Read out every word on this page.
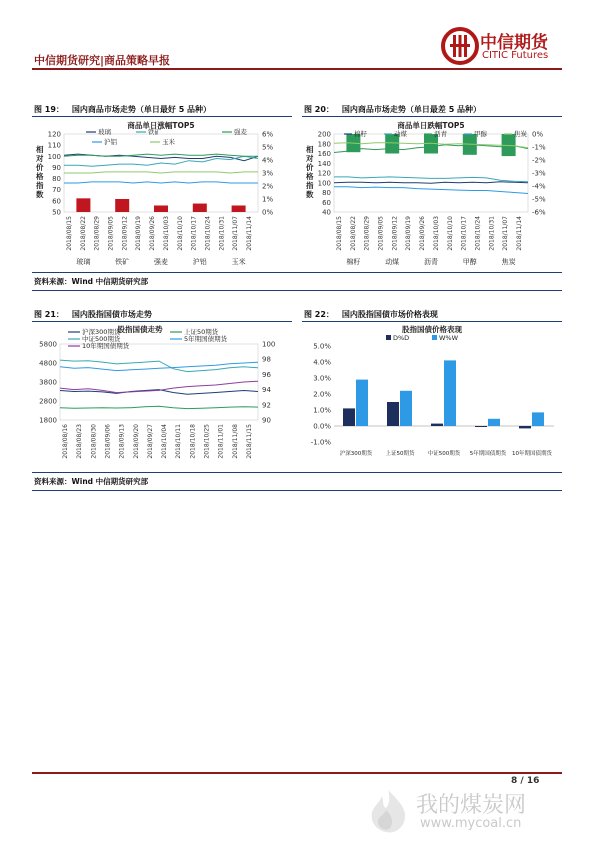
中信期货研究|商品策略早报
中信期货
CITIC Futures
图 19： 国内商品市场走势（单日最好 5 品种）
商品单日涨幅TOP5
50
60
70
80
90
100
110
120
0%
1%
2%
3%
4%
5%
6%
相
对
价
格
指
数
玻璃	铁矿	强麦	沪铝	玉米
玻璃	铁矿	强麦
沪铝	玉米
2018/08/15 2018/08/22 2018/08/29 2018/09/05 2018/09/12 2018/09/19 2018/09/26 2018/10/03 2018/10/10 2018/10/17 2018/10/24 2018/10/31 2018/11/07 2018/11/14
图 20： 国内商品市场走势（单日最差 5 品种）
商品单日跌幅TOP5
40
60
80
100
120
140
160
180
200	0%
-1%
-2%
-3%
-4%
-5%
-6%
相
对
价
格
指
数
棉籽	动煤	沥青	甲醇	焦炭
棉籽	动煤	沥青	甲醇	焦炭
2018/08/15 2018/08/22 2018/08/29 2018/09/05 2018/09/12 2018/09/19 2018/09/26 2018/10/03 2018/10/10 2018/10/17 2018/10/24 2018/10/31 2018/11/07 2018/11/14
资料来源：Wind 中信期货研究部
图 21： 国内股指国债市场走势
股指国债走势
1800
2800
3800
4800
5800
90
92
94
96
98
100
沪深300期货	上证50期货
中证500期货	5年期国债期货
10年期国债期货
2018/08/16 2018/08/23 2018/08/30 2018/09/06 2018/09/13 2018/09/20 2018/09/27 2018/10/04 2018/10/11 2018/10/18 2018/10/25 2018/11/01 2018/11/08 2018/11/15
图 22： 国内股指国债市场价格表现
股指国债价格表现
-1.0%
0.0%
1.0%
2.0%
3.0%
4.0%
5.0%
沪深300期货 上证50期货 中证500期货 5年期国债期货 10年期国债期货
D%D	W%W
资料来源：Wind 中信期货研究部
8 / 16
我的煤炭网
www.mycoal.cn
